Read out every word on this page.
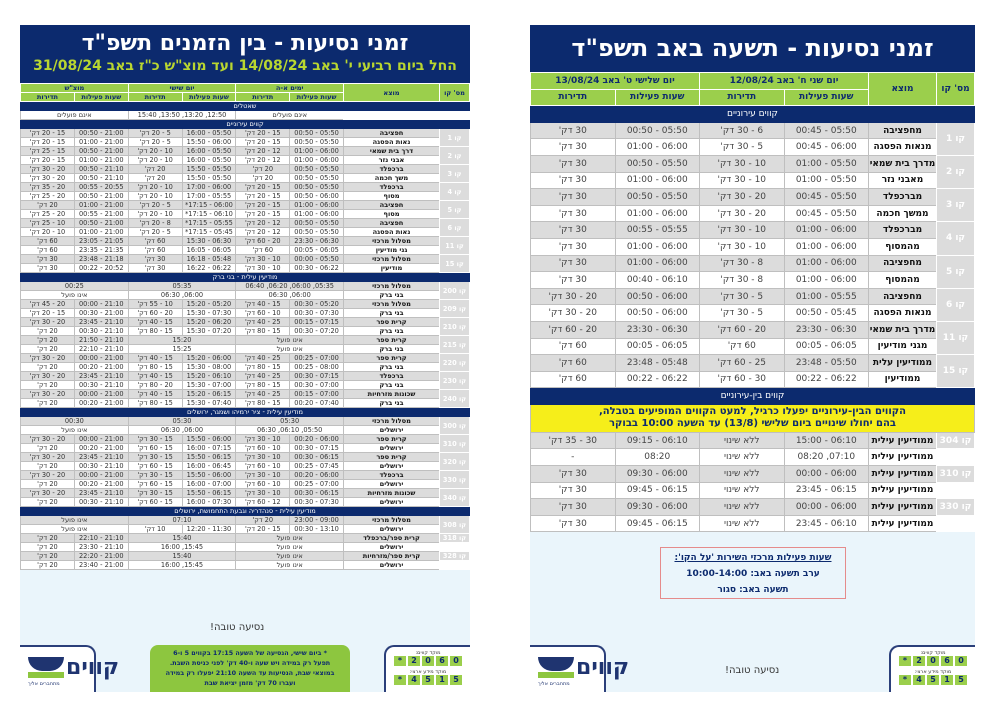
זמני נסיעות - בין הזמנים תשפ"ד
החל ביום רביעי י' באב 14/08/24 ועד מוצ"ש כ"ז באב 31/08/24
מס' קו	מוצא	ימים א-ה		יום שישי		מוצ"ש	
		שעות פעילות	תדירות	שעות פעילות	תדירות	שעות פעילות	תדירות
שאטלים							
קווים 10, 20, 30, 40, 50		אינם פועלים		12:50, 13:20, 13:50, 15:40		אינם פועלים	
קווים עירוניים							
קו 1	חפציבה	05:50 - 00:50	15 - 20 דק'	05:50 - 16:00	5 - 20 דק'	21:00 - 00:50	15 - 20 דק'
	נאות הפסגה	05:50 - 00:50	15 - 20 דק'	06:00 - 15:50	5 - 20 דק'	21:00 - 01:00	15 - 20 דק'
קו 2	דרך בית שמאי	06:00 - 01:00	12 - 20 דק'	05:50 - 16:00	10 - 20 דק'	21:00 - 00:50	15 - 25 דק'
	אבני נזר	06:00 - 01:00	12 - 20 דק'	05:50 - 16:00	10 - 20 דק'	21:00 - 01:00	15 - 20 דק'
קו 3	ברכפלד	05:50 - 00:50	20 דק'	05:50 - 15:50	20 דק'	21:10 - 00:50	20 - 30 דק'
	משך חכמה	05:50 - 00:50	20 דק'	05:50 - 15:50	20 דק'	21:10 - 00:50	20 - 30 דק'
קו 4	ברכפלד	05:50 - 00:50	15 - 20 דק'	06:00 - 17:00	10 - 20 דק'	20:55 - 00:55	20 - 35 דק'
	מסוף	06:00 - 00:50	15 - 20 דק'	05:55 - 17:00	10 - 20 דק'	21:00 - 00:50	20 - 25 דק'
קו 5	חפציבה	06:00 - 01:00	15 - 20 דק'	06:00 - 17:15*	5 - 20 דק'	21:00 - 01:00	20 דק'
	מסוף	06:00 - 01:00	15 - 20 דק'	06:10 - 17:15*	10 - 20 דק'	21:00 - 00:55	20 - 25 דק'
קו 6	חפציבה	05:50 - 00:50	12 - 20 דק'	05:55 - 17:15*	8 - 20 דק'	21:00 - 00:50	10 - 25 דק'
	נאות הפסגה	05:50 - 00:50	12 - 20 דק'	05:45 - 17:15*	5 - 20 דק'	21:00 - 01:00	10 - 20 דק'
קו 11	מסלול מרכזי	06:30 - 23:30	20 - 60 דק'	06:30 - 15:30	60 דק'	21:05 - 23:05	60 דק'
	גני מודיעין	06:05 - 00:05	60 דק'	06:05 - 16:05	60 דק'	21:35 - 23:35	60 דק'
קו 15	מסלול מרכזי	05:50 - 00:00	10 - 30 דק'	05:48 - 16:18	30 דק'	21:18 - 23:48	30 דק'
	מודיעין	06:22 - 00:30	10 - 30 דק'	06:22 - 16:22	30 דק'	20:52 - 00:22	30 דק'
מודיעין עילית - בני ברק							
קו 200	מסלול מרכזי	05:35, 06:00, 06:20, 06:40		05:35		00:25	
	בני ברק	06:00, 06:30		06:00, 06:30		אינו פועל	
קו 209	מסלול מרכזי	05:20 - 00:30	15 - 40 דק'	05:20 - 15:20	10 - 55 דק'	21:10 - 00:00	20 - 45 דק'
	בני ברק	07:30 - 00:30	10 - 60 דק'	07:30 - 15:30	20 - 60 דק'	21:00 - 00:30	15 - 20 דק'
קו 210	קרית ספר	07:15 - 00:15	25 - 40 דק'	06:20 - 15:20	15 - 40 דק'	21:10 - 23:45	20 - 30 דק'
	בני ברק	07:20 - 00:30	15 - 80 דק'	07:20 - 15:30	15 - 80 דק'	21:10 - 00:30	20 דק'
קו 215	קרית ספר	אינו פועל		15:20		21:10 - 21:50	20 דק'
	בני ברק	אינו פועל		15:25		21:10 - 22:10	20 דק'
קו 220	קרית ספר	07:00 - 00:25	25 - 40 דק'	06:00 - 15:20	15 - 40 דק'	21:00 - 00:00	20 - 30 דק'
	בני ברק	08:00 - 00:25	15 - 80 דק'	08:00 - 15:30	15 - 80 דק'	21:00 - 00:20	20 דק'
קו 230	ברכפלד	07:15 - 00:30	25 - 40 דק'	06:10 - 15:20	15 - 40 דק'	21:10 - 23:45	20 - 30 דק'
	בני ברק	07:00 - 00:30	15 - 80 דק'	07:00 - 15:30	20 - 80 דק'	21:10 - 00:30	20 דק'
קו 240	שכונות מזרחיות	07:00 - 00:15	25 - 40 דק'	06:15 - 15:20	15 - 40 דק'	21:00 - 00:00	20 - 30 דק'
	בני ברק	07:40 - 00:20	15 - 80 דק'	07:40 - 15:30	15 - 80 דק'	21:00 - 00:20	20 דק'
מודיעין עילית - ציר ירמיהו ושמגר, ירושלים							
קו 300	מסלול מרכזי	05:30		05:30		00:30	
	ירושלים	05:50, 06:10, 06:30		06:00, 06:30		אינו פועל	
קו 310	קרית ספר	06:00 - 00:20	10 - 30 דק'	06:00 - 15:50	15 - 30 דק'	21:00 - 00:00	20 - 30 דק'
	ירושלים	07:15 - 00:30	10 - 60 דק'	07:15 - 16:00	15 - 60 דק'	21:00 - 00:20	20 דק'
קו 320	קרית ספר	06:15 - 00:30	10 - 30 דק'	06:15 - 15:50	15 - 30 דק'	21:10 - 23:45	20 - 30 דק'
	ירושלים	07:45 - 00:25	10 - 60 דק'	06:45 - 16:00	15 - 60 דק'	21:10 - 00:30	20 דק'
קו 330	ברכפלד	06:00 - 00:20	10 - 30 דק'	06:00 - 15:50	15 - 30 דק'	21:00 - 00:00	20 - 30 דק'
	ירושלים	07:00 - 00:25	10 - 60 דק'	07:00 - 16:00	15 - 60 דק'	21:00 - 00:20	20 דק'
קו 340	שכונות מזרחיות	06:15 - 00:30	10 - 30 דק'	06:15 - 15:50	15 - 30 דק'	21:10 - 23:45	20 - 30 דק'
	ירושלים	07:30 - 00:30	12 - 60 דק'	07:30 - 16:00	15 - 60 דק'	21:10 - 00:30	20 דק'
מודיעין עילית - סנהדריה וגבעת התחמושת, ירושלים							
קו 308	מסלול מרכזי	09:00 - 23:00	20 דק'	07:10		אינו פועל	
	ירושלים	13:10 - 00:30	15 - 20 דק'	11:30 - 12:20	10 דק'	אינו פועל	
קו 318	קרית ספר/ברכפלד	אינו פועל		15:40		21:10 - 22:10	20 דק'
קו 338	ירושלים	אינו פועל		15:45, 16:00		21:10 - 23:30	20 דק'
קו 328	קרית ספר/מזרחיות	אינו פועל		15:40		21:00 - 22:20	20 דק'
קו 348	ירושלים	אינו פועל		15:45, 16:00		21:00 - 23:40	20 דק'
נסיעה טובה!
* ביום שישי, הנסיעה של השעה 17:15 בקווים 5 ו-6
תפעל רק במידה ויש שעה ו-40 דק' לפני כניסת השבת.
במוצאי שבת, הנסיעות עד השעה 21:10 יפעלו רק במידה
ועברו 70 דק' מזמן יציאת שבת
קווים
מתחברים אליך
מוקד קווים:
*	2	0	6	0
מוקד מידע ארצי:
*	4	5	1	5
זמני נסיעות - תשעה באב תשפ"ד
מס' קו	מוצא	יום שני ח' באב 12/08/24		יום שלישי ט' באב 13/08/24	
		שעות פעילות	תדירות	שעות פעילות	תדירות
קווים עירוניים					
קו 1	מחפציבה	05:50 - 00:45	6 - 30 דק'	05:50 - 00:50	30 דק'
	מנאות הפסגה	06:00 - 00:45	5 - 30 דק'	06:00 - 01:00	30 דק'
קו 2	מדרך בית שמאי	05:50 - 01:00	10 - 30 דק'	05:50 - 00:50	30 דק'
	מאבני נזר	05:50 - 01:00	10 - 30 דק'	06:00 - 01:00	30 דק'
קו 3	מברכפלד	05:50 - 00:45	20 - 30 דק'	05:50 - 00:50	30 דק'
	ממשך חכמה	05:50 - 00:45	20 - 30 דק'	06:00 - 01:00	30 דק'
קו 4	מברכפלד	06:00 - 01:00	10 - 30 דק'	05:55 - 00:55	30 דק'
	מהמסוף	06:00 - 01:00	10 - 30 דק'	06:00 - 01:00	30 דק'
קו 5	מחפציבה	06:00 - 01:00	8 - 30 דק'	06:00 - 01:00	30 דק'
	מהמסוף	06:00 - 01:00	8 - 30 דק'	06:10 - 00:40	30 דק'
קו 6	מחפציבה	05:55 - 01:00	5 - 30 דק'	06:00 - 00:50	20 - 30 דק'
	מנאות הפסגה	05:45 - 00:50	5 - 30 דק'	06:00 - 00:50	20 - 30 דק'
קו 11	מדרך בית שמאי	06:30 - 23:30	20 - 60 דק'	06:30 - 23:30	20 - 60 דק'
	מגני מודיעין	06:05 - 00:05	60 דק'	06:05 - 00:05	60 דק'
קו 15	ממודיעין עלית	05:50 - 23:48	25 - 60 דק'	05:48 - 23:48	60 דק'
	ממודיעין	06:22 - 00:22	30 - 60 דק'	06:22 - 00:22	60 דק'
קווים בין-עירוניים					

הקווים הבין-עירוניים יפעלו כרגיל, למעט הקווים המופיעים בטבלה,
בהם יחולו שינויים ביום שלישי (13/8) עד השעה 10:00 בבוקר					

קו 304	ממודיעין עילית	06:10 - 15:00	ללא שינוי	06:10 - 09:15	30 - 35 דק'
קו 308	ממודיעין עילית	07:10, 08:20	ללא שינוי	08:20	-
קו 310	ממודיעין עילית	06:00 - 00:00	ללא שינוי	06:00 - 09:30	30 דק'
קו 320	ממודיעין עילית	06:15 - 23:45	ללא שינוי	06:15 - 09:45	30 דק'
קו 330	ממודיעין עילית	06:00 - 00:00	ללא שינוי	06:00 - 09:30	30 דק'
קו 340	ממודיעין עילית	06:10 - 23:45	ללא שינוי	06:15 - 09:45	30 דק'
שעות פעילות מרכזי השירות 'על הקו':
ערב תשעה באב: 10:00-14:00
תשעה באב: סגור
נסיעה טובה!
קווים
מתחברים אליך
מוקד קווים:
*	2	0	6	0
מוקד מידע ארצי:
*	4	5	1	5
